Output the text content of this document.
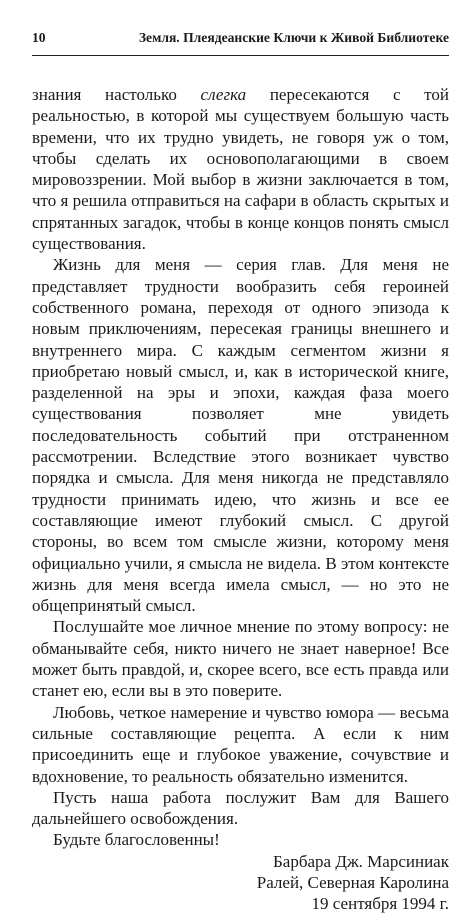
10	Земля. Плеядеанские Ключи к Живой Библиотеке

знания настолько слегка пересекаются с той реальностью, в которой мы существуем большую часть времени, что их трудно увидеть, не говоря уж о том, чтобы сделать их основополагающими в своем мировоззрении. Мой выбор в жизни заключается в том, что я решила отправиться на сафари в область скрытых и спрятанных загадок, чтобы в конце концов понять смысл существования.

Жизнь для меня — серия глав. Для меня не представляет трудности вообразить себя героиней собственного романа, переходя от одного эпизода к новым приключениям, пересекая границы внешнего и внутреннего мира. С каждым сегментом жизни я приобретаю новый смысл, и, как в исторической книге, разделенной на эры и эпохи, каждая фаза моего существования позволяет мне увидеть последовательность событий при отстраненном рассмотрении. Вследствие этого возникает чувство порядка и смысла. Для меня никогда не представляло трудности принимать идею, что жизнь и все ее составляющие имеют глубокий смысл. С другой стороны, во всем том смысле жизни, которому меня официально учили, я смысла не видела. В этом контексте жизнь для меня всегда имела смысл, — но это не общепринятый смысл.

Послушайте мое личное мнение по этому вопросу: не обманывайте себя, никто ничего не знает наверное! Все может быть правдой, и, скорее всего, все есть правда или станет ею, если вы в это поверите.

Любовь, четкое намерение и чувство юмора — весьма сильные составляющие рецепта. А если к ним присоединить еще и глубокое уважение, сочувствие и вдохновение, то реальность обязательно изменится.

Пусть наша работа послужит Вам для Вашего дальнейшего освобождения.

Будьте благословенны!

Барбара Дж. Марсиниак
Ралей, Северная Каролина
19 сентября 1994 г.
